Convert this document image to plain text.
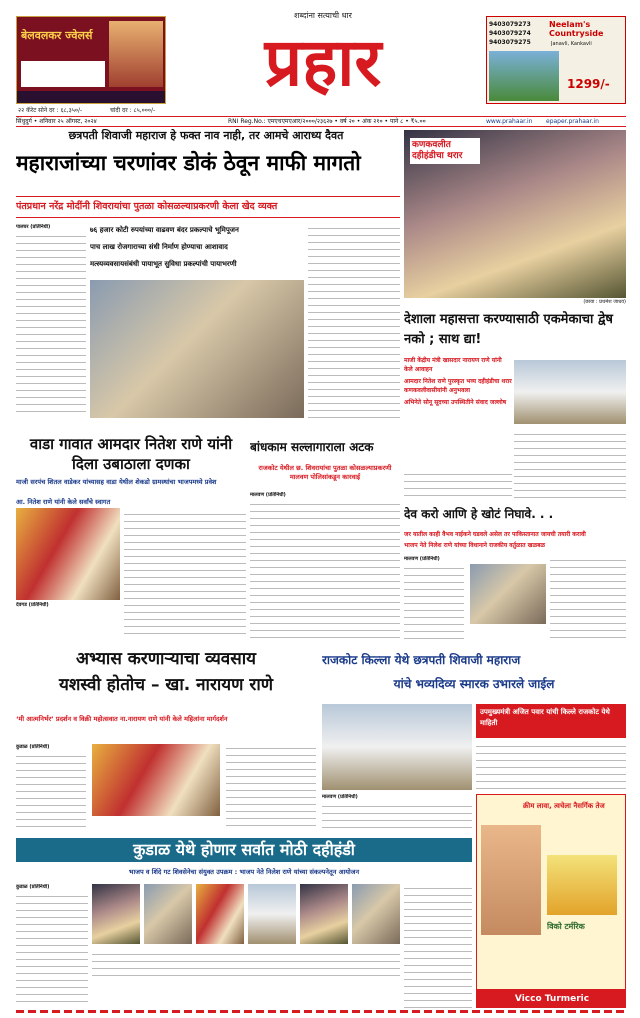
बेलवलकर ज्वेलर्स
२२ कॅरेट सोने दर : ६८,३५०/-	चांदी दर : ८५,०००/-
शब्दांना सत्याची धार
प्रहार	9403079273
9403079274
9403079275
Neelam's Countryside
Janavli, Kankavli
1299/-
सिंधुदुर्ग • शनिवार २५ ऑगस्ट, २०२४	RNI Reg.No.: एमएचएमएआर/२०००/२३६२७ • वर्ष २० • अंक २१० • पाने ८ • ₹५.००	www.prahaar.in epaper.prahaar.in
छत्रपती शिवाजी महाराज हे फक्त नाव नाही, तर आमचे आराध्य दैवत
महाराजांच्या चरणांवर डोकं ठेवून माफी मागतो
पंतप्रधान नरेंद्र मोदींनी शिवरायांचा पुतळा कोसळल्याप्रकरणी केला खेद व्यक्त
पालघर (प्रतिनिधी)	७६ हजार कोटी रुपयांच्या वाढवण बंदर प्रकल्पाचे भूमिपूजन
पाच लाख रोजगाराच्या संधी निर्माण होण्याचा आशावाद
मत्स्यव्यवसायसंबंधी पायाभूत सुविधा प्रकल्पांची पायाभरणी
कणकवलीत दहीहंडीचा थरार
(छाया : प्रथमेश जाधव)
देशाला महासत्ता करण्यासाठी एकमेकाचा द्वेष नको ; साथ द्या!
माजी केंद्रीय मंत्री खासदार नारायण राणे यांनी केले आवाहन
आमदार नितेश राणे पुरस्कृत भव्य दहीहंडीचा थरार कणकवलीवासीयांनी अनुभवला
अभिनेते सोनू सूदच्या उपस्थितीने संवाद जल्लोष
वाडा गावात आमदार नितेश राणे यांनी दिला उबाठाला दणका
माजी सरपंच शितल वाडेकर यांच्यासह वाडा येथील शेकडो ग्रामस्थांचा भाजपमध्ये प्रवेश
आ. नितेश राणे यांनी केले सर्वांचे स्वागत
देवगड (प्रतिनिधी)
बांधकाम सल्लागाराला अटक
राजकोट येथील छ. शिवरायांचा पुतळा कोसळल्याप्रकरणी मालवण पोलिसांकडून कारवाई
मालवण (प्रतिनिधी)
देव करो आणि हे खोटं निघावे. . .
जर यातील काही वैभव नाईकने घडवले असेल तर पाकिस्तानात जायची तयारी करावी
भाजप नेते निलेश राणे यांच्या विधानाने राजकीय वर्तुळात खळबळ
मालवण (प्रतिनिधी)
अभ्यास करणाऱ्याचा व्यवसाय
यशस्वी होतोच – खा. नारायण राणे
‘मी आत्मनिर्भर’ प्रदर्शन व विक्री महोत्सवात ना.नारायण राणे यांनी केले महिलांना मार्गदर्शन
कुडाळ (प्रतिनिधी)
राजकोट किल्ला येथे छत्रपती शिवाजी महाराज
यांचे भव्यदिव्य स्मारक उभारले जाईल
उपमुख्यमंत्री अजित पवार यांची किल्ले राजकोट येथे माहिती
मालवण (प्रतिनिधी)
क्रीम लावा, त्वचेला नैसर्गिक तेज
विको टर्मरिक
Vicco Turmeric
कुडाळ येथे होणार सर्वात मोठी दहीहंडी
भाजप व शिंदे गट शिवसेनेचा संयुक्त उपक्रम : भाजप नेते निलेश राणे यांच्या संकल्पनेतून आयोजन
कुडाळ (प्रतिनिधी)
